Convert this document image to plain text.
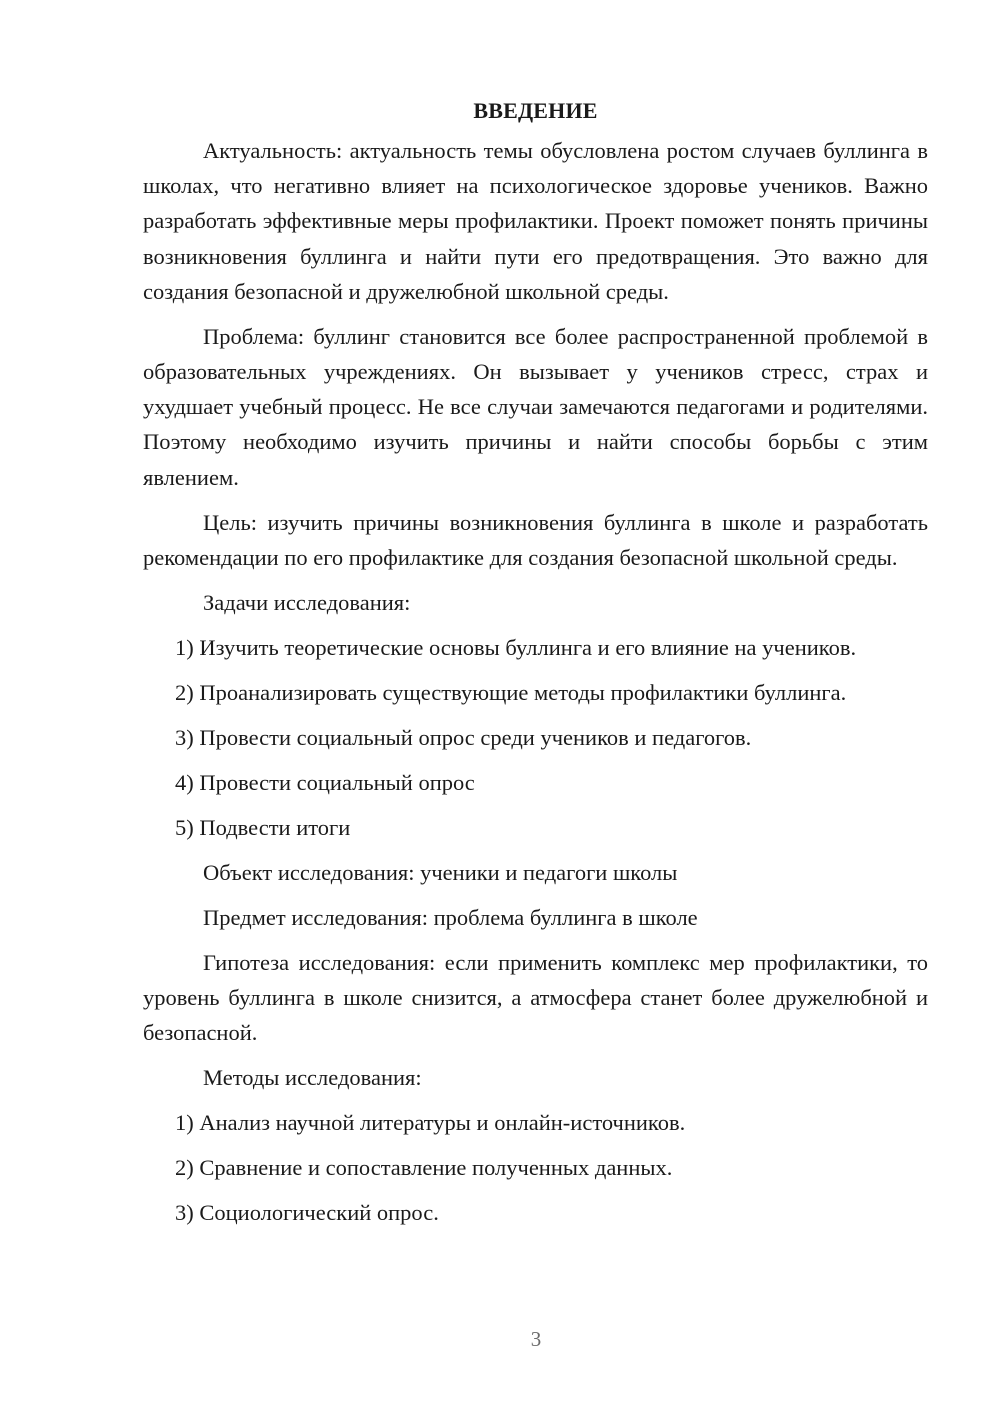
ВВЕДЕНИЕ

Актуальность: актуальность темы обусловлена ростом случаев буллинга в школах, что негативно влияет на психологическое здоровье учеников. Важно разработать эффективные меры профилактики. Проект поможет понять причины возникновения буллинга и найти пути его предотвращения. Это важно для создания безопасной и дружелюбной школьной среды.

Проблема: буллинг становится все более распространенной проблемой в образовательных учреждениях. Он вызывает у учеников стресс, страх и ухудшает учебный процесс. Не все случаи замечаются педагогами и родителями. Поэтому необходимо изучить причины и найти способы борьбы с этим явлением.

Цель: изучить причины возникновения буллинга в школе и разработать рекомендации по его профилактике для создания безопасной школьной среды.

Задачи исследования:

1) Изучить теоретические основы буллинга и его влияние на учеников.

2) Проанализировать существующие методы профилактики буллинга.

3) Провести социальный опрос среди учеников и педагогов.

4) Провести социальный опрос

5) Подвести итоги

Объект исследования: ученики и педагоги школы

Предмет исследования: проблема буллинга в школе

Гипотеза исследования: если применить комплекс мер профилактики, то уровень буллинга в школе снизится, а атмосфера станет более дружелюбной и безопасной.

Методы исследования:

1) Анализ научной литературы и онлайн-источников.

2) Сравнение и сопоставление полученных данных.

3) Социологический опрос.

3
